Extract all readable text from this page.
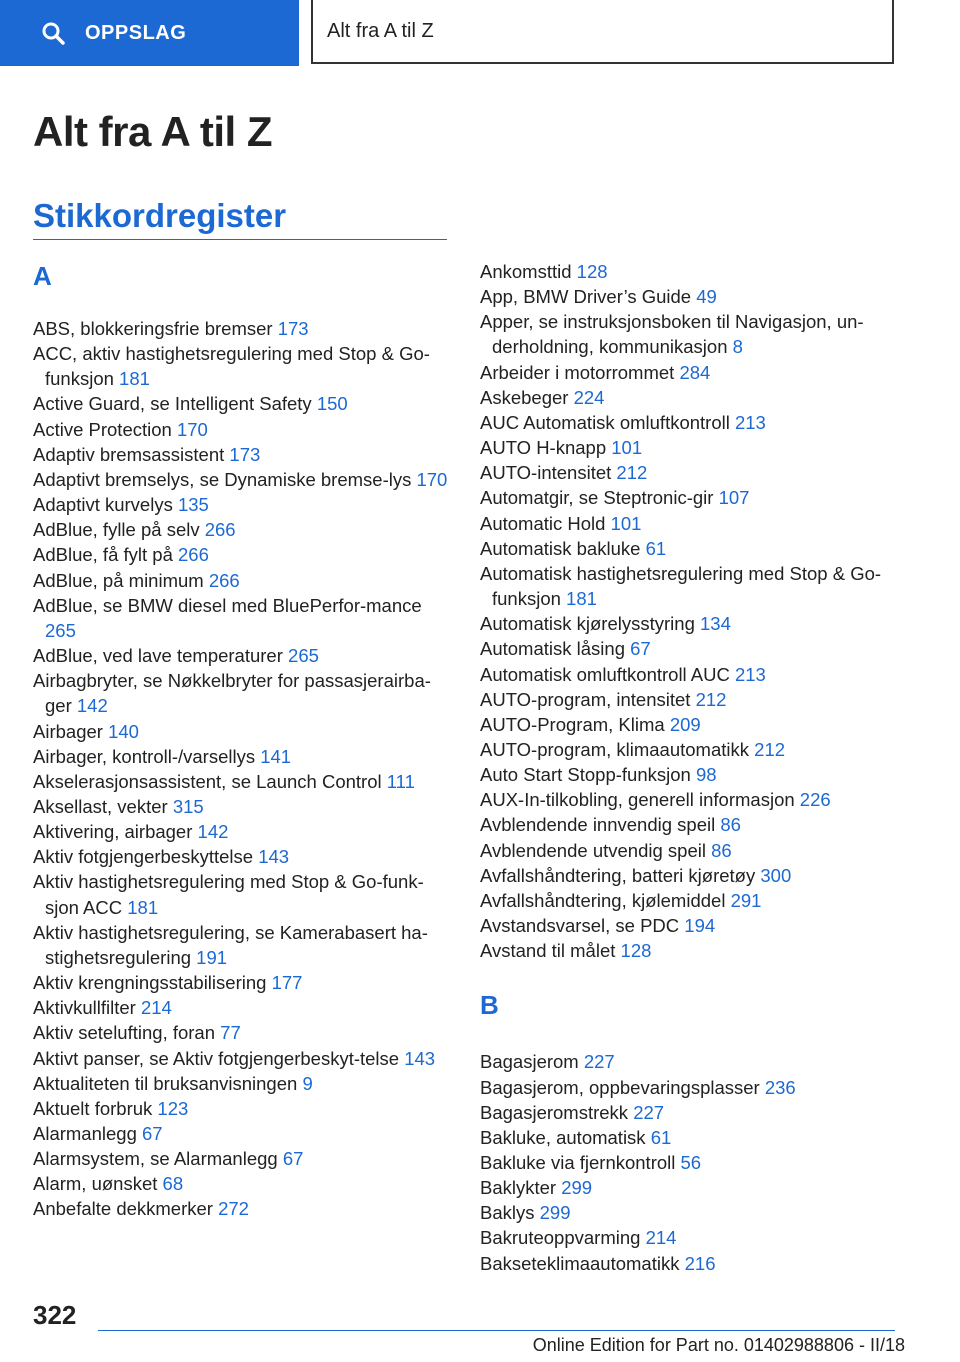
OPPSLAG	Alt fra A til Z
Alt fra A til Z
Stikkordregister
A
ABS, blokkeringsfrie bremser 173
ACC, aktiv hastighetsregulering med Stop & Go-funksjon 181
Active Guard, se Intelligent Safety 150
Active Protection 170
Adaptiv bremsassistent 173
Adaptivt bremselys, se Dynamiske bremse‐lys 170
Adaptivt kurvelys 135
AdBlue, fylle på selv 266
AdBlue, få fylt på 266
AdBlue, på minimum 266
AdBlue, se BMW diesel med BluePerfor‐mance 265
AdBlue, ved lave temperaturer 265
Airbagbryter, se Nøkkelbryter for passasjerairba‐ger 142
Airbager 140
Airbager, kontroll-/varsellys 141
Akselerasjonsassistent, se Launch Control 111
Aksellast, vekter 315
Aktivering, airbager 142
Aktiv fotgjengerbeskyttelse 143
Aktiv hastighetsregulering med Stop & Go-funk‐sjon ACC 181
Aktiv hastighetsregulering, se Kamerabasert ha‐stighetsregulering 191
Aktiv krengningsstabilisering 177
Aktivkullfilter 214
Aktiv setelufting, foran 77
Aktivt panser, se Aktiv fotgjengerbeskyt‐telse 143
Aktualiteten til bruksanvisningen 9
Aktuelt forbruk 123
Alarmanlegg 67
Alarmsystem, se Alarmanlegg 67
Alarm, uønsket 68
Anbefalte dekkmerker 272
Ankomsttid 128
App, BMW Driver’s Guide 49
Apper, se instruksjonsboken til Navigasjon, un‐derholdning, kommunikasjon 8
Arbeider i motorrommet 284
Askebeger 224
AUC Automatisk omluftkontroll 213
AUTO H-knapp 101
AUTO-intensitet 212
Automatgir, se Steptronic-gir 107
Automatic Hold 101
Automatisk bakluke 61
Automatisk hastighetsregulering med Stop & Go-funksjon 181
Automatisk kjørelysstyring 134
Automatisk låsing 67
Automatisk omluftkontroll AUC 213
AUTO-program, intensitet 212
AUTO-Program, Klima 209
AUTO-program, klimaautomatikk 212
Auto Start Stopp-funksjon 98
AUX-In-tilkobling, generell informasjon 226
Avblendende innvendig speil 86
Avblendende utvendig speil 86
Avfallshåndtering, batteri kjøretøy 300
Avfallshåndtering, kjølemiddel 291
Avstandsvarsel, se PDC 194
Avstand til målet 128
B
Bagasjerom 227
Bagasjerom, oppbevaringsplasser 236
Bagasjeromstrekk 227
Bakluke, automatisk 61
Bakluke via fjernkontroll 56
Baklykter 299
Baklys 299
Bakruteoppvarming 214
Bakseteklimaautomatikk 216
322
Online Edition for Part no. 01402988806 - II/18
